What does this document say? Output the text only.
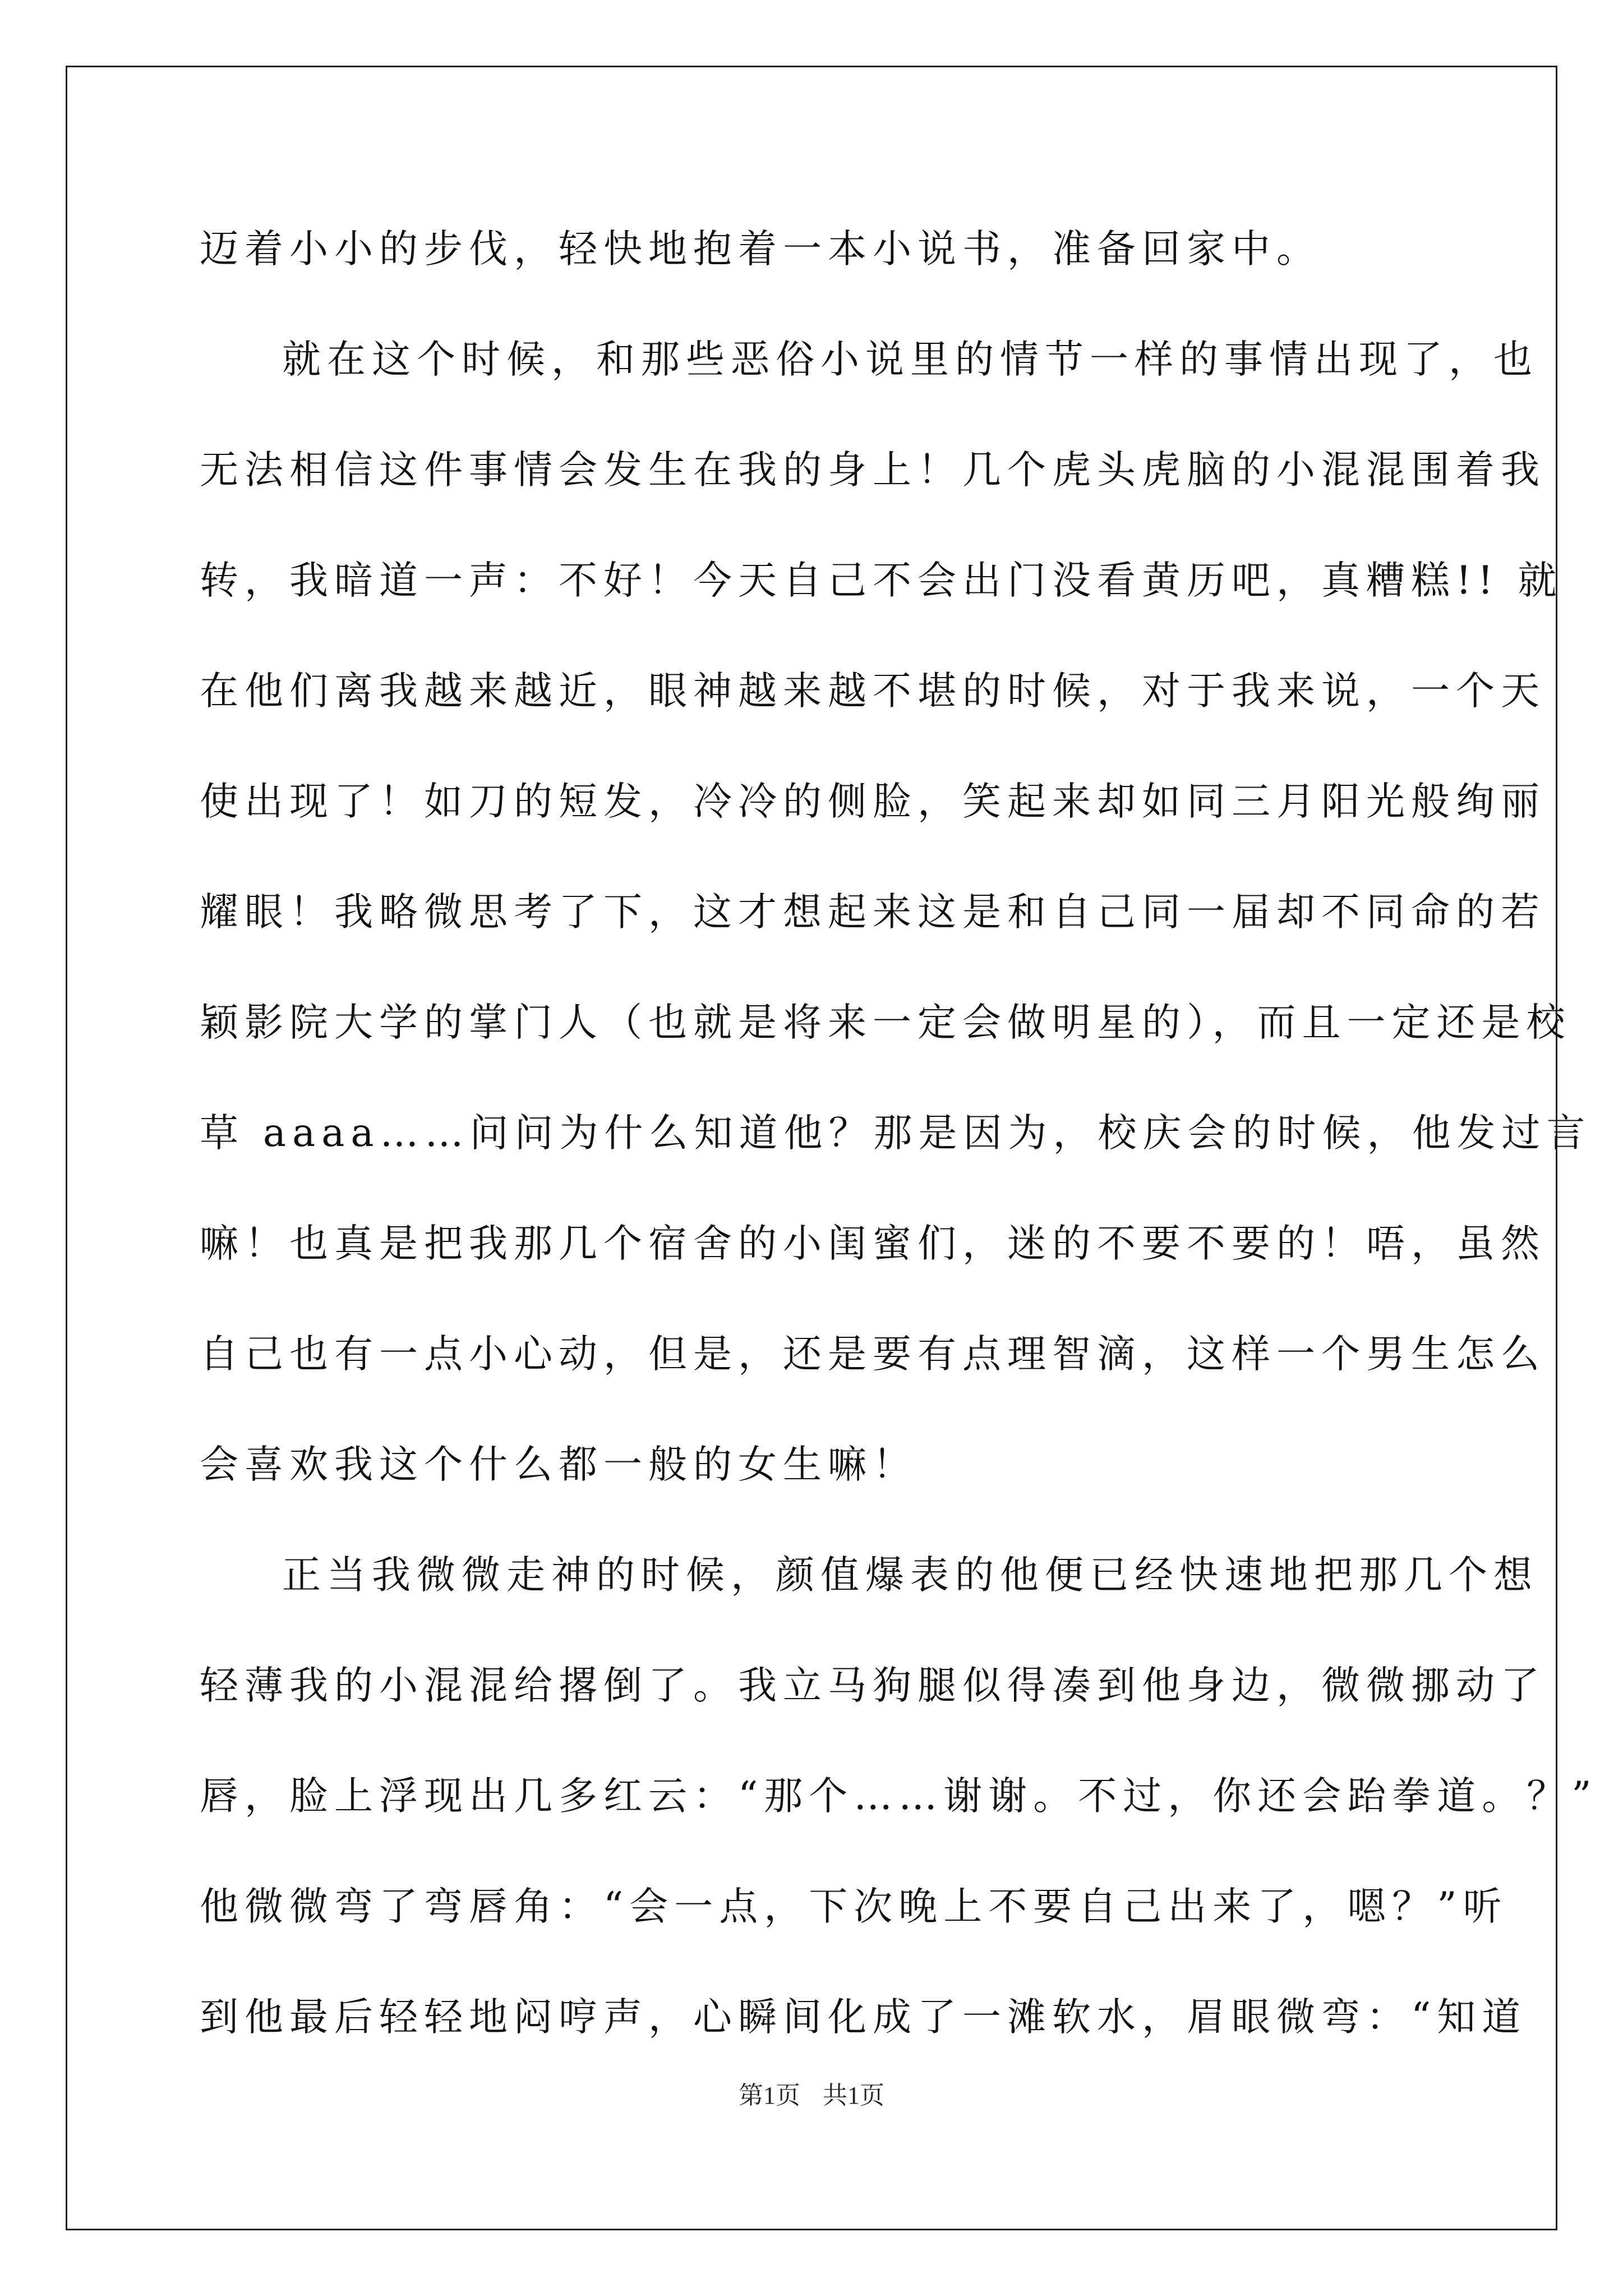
迈着小小的步伐，轻快地抱着一本小说书，准备回家中。
就在这个时候，和那些恶俗小说里的情节一样的事情出现了，也
无法相信这件事情会发生在我的身上！几个虎头虎脑的小混混围着我
转，我暗道一声：不好！今天自己不会出门没看黄历吧，真糟糕!! 就
在他们离我越来越近，眼神越来越不堪的时候，对于我来说，一个天
使出现了！如刀的短发，冷冷的侧脸，笑起来却如同三月阳光般绚丽
耀眼！我略微思考了下，这才想起来这是和自己同一届却不同命的若
颖影院大学的掌门人（也就是将来一定会做明星的），而且一定还是校
草 aaaa……问问为什么知道他？那是因为，校庆会的时候，他发过言
嘛！也真是把我那几个宿舍的小闺蜜们，迷的不要不要的！唔，虽然
自己也有一点小心动，但是，还是要有点理智滴，这样一个男生怎么
会喜欢我这个什么都一般的女生嘛！
正当我微微走神的时候，颜值爆表的他便已经快速地把那几个想
轻薄我的小混混给撂倒了。我立马狗腿似得凑到他身边，微微挪动了
唇，脸上浮现出几多红云：“那个……谢谢。不过，你还会跆拳道。？”
他微微弯了弯唇角：“会一点，下次晚上不要自己出来了，嗯？”听
到他最后轻轻地闷哼声，心瞬间化成了一滩软水，眉眼微弯：“知道
第1页 共1页
